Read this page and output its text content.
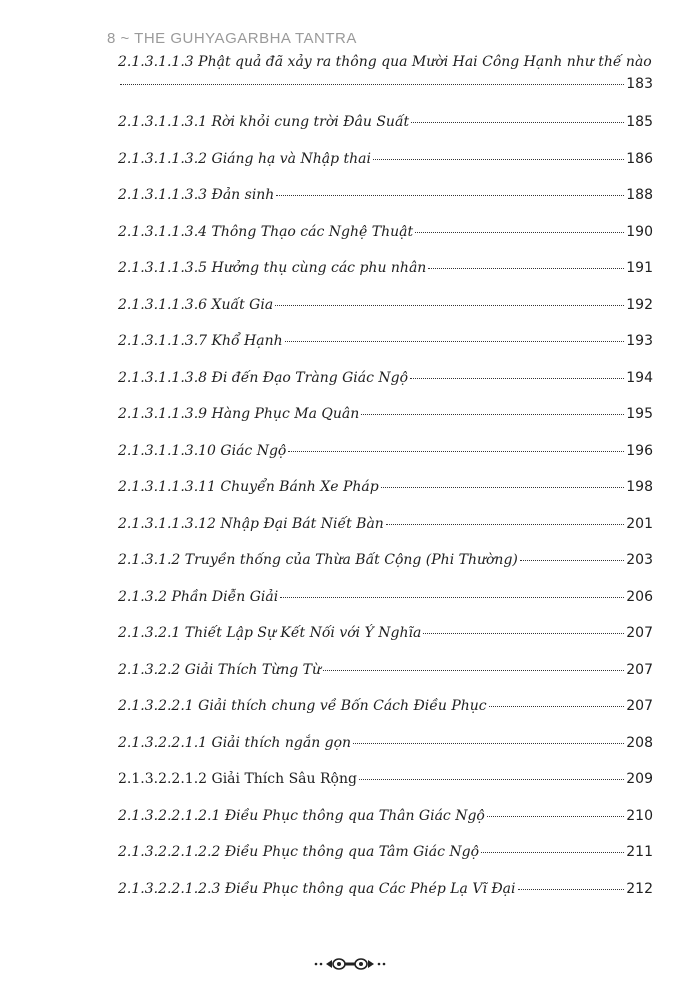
8 ~ THE GUHYAGARBHA TANTRA
2.1.3.1.1.3 Phật quả đã xảy ra thông qua Mười Hai Công Hạnh như thế nào
183
2.1.3.1.1.3.1 Rời khỏi cung trời Đâu Suất	185
2.1.3.1.1.3.2 Giáng hạ và Nhập thai	186
2.1.3.1.1.3.3 Đản sinh	188
2.1.3.1.1.3.4 Thông Thạo các Nghệ Thuật	190
2.1.3.1.1.3.5 Hưởng thụ cùng các phu nhân	191
2.1.3.1.1.3.6 Xuất Gia	192
2.1.3.1.1.3.7 Khổ Hạnh	193
2.1.3.1.1.3.8 Đi đến Đạo Tràng Giác Ngộ	194
2.1.3.1.1.3.9 Hàng Phục Ma Quân	195
2.1.3.1.1.3.10 Giác Ngộ	196
2.1.3.1.1.3.11 Chuyển Bánh Xe Pháp	198
2.1.3.1.1.3.12 Nhập Đại Bát Niết Bàn	201
2.1.3.1.2 Truyền thống của Thừa Bất Cộng (Phi Thường)	203
2.1.3.2 Phần Diễn Giải	206
2.1.3.2.1 Thiết Lập Sự Kết Nối với Ý Nghĩa	207
2.1.3.2.2 Giải Thích Từng Từ	207
2.1.3.2.2.1 Giải thích chung về Bốn Cách Điều Phục	207
2.1.3.2.2.1.1 Giải thích ngắn gọn	208
2.1.3.2.2.1.2 Giải Thích Sâu Rộng	209
2.1.3.2.2.1.2.1 Điều Phục thông qua Thân Giác Ngộ	210
2.1.3.2.2.1.2.2 Điều Phục thông qua Tâm Giác Ngộ	211
2.1.3.2.2.1.2.3 Điều Phục thông qua Các Phép Lạ Vĩ Đại	212
